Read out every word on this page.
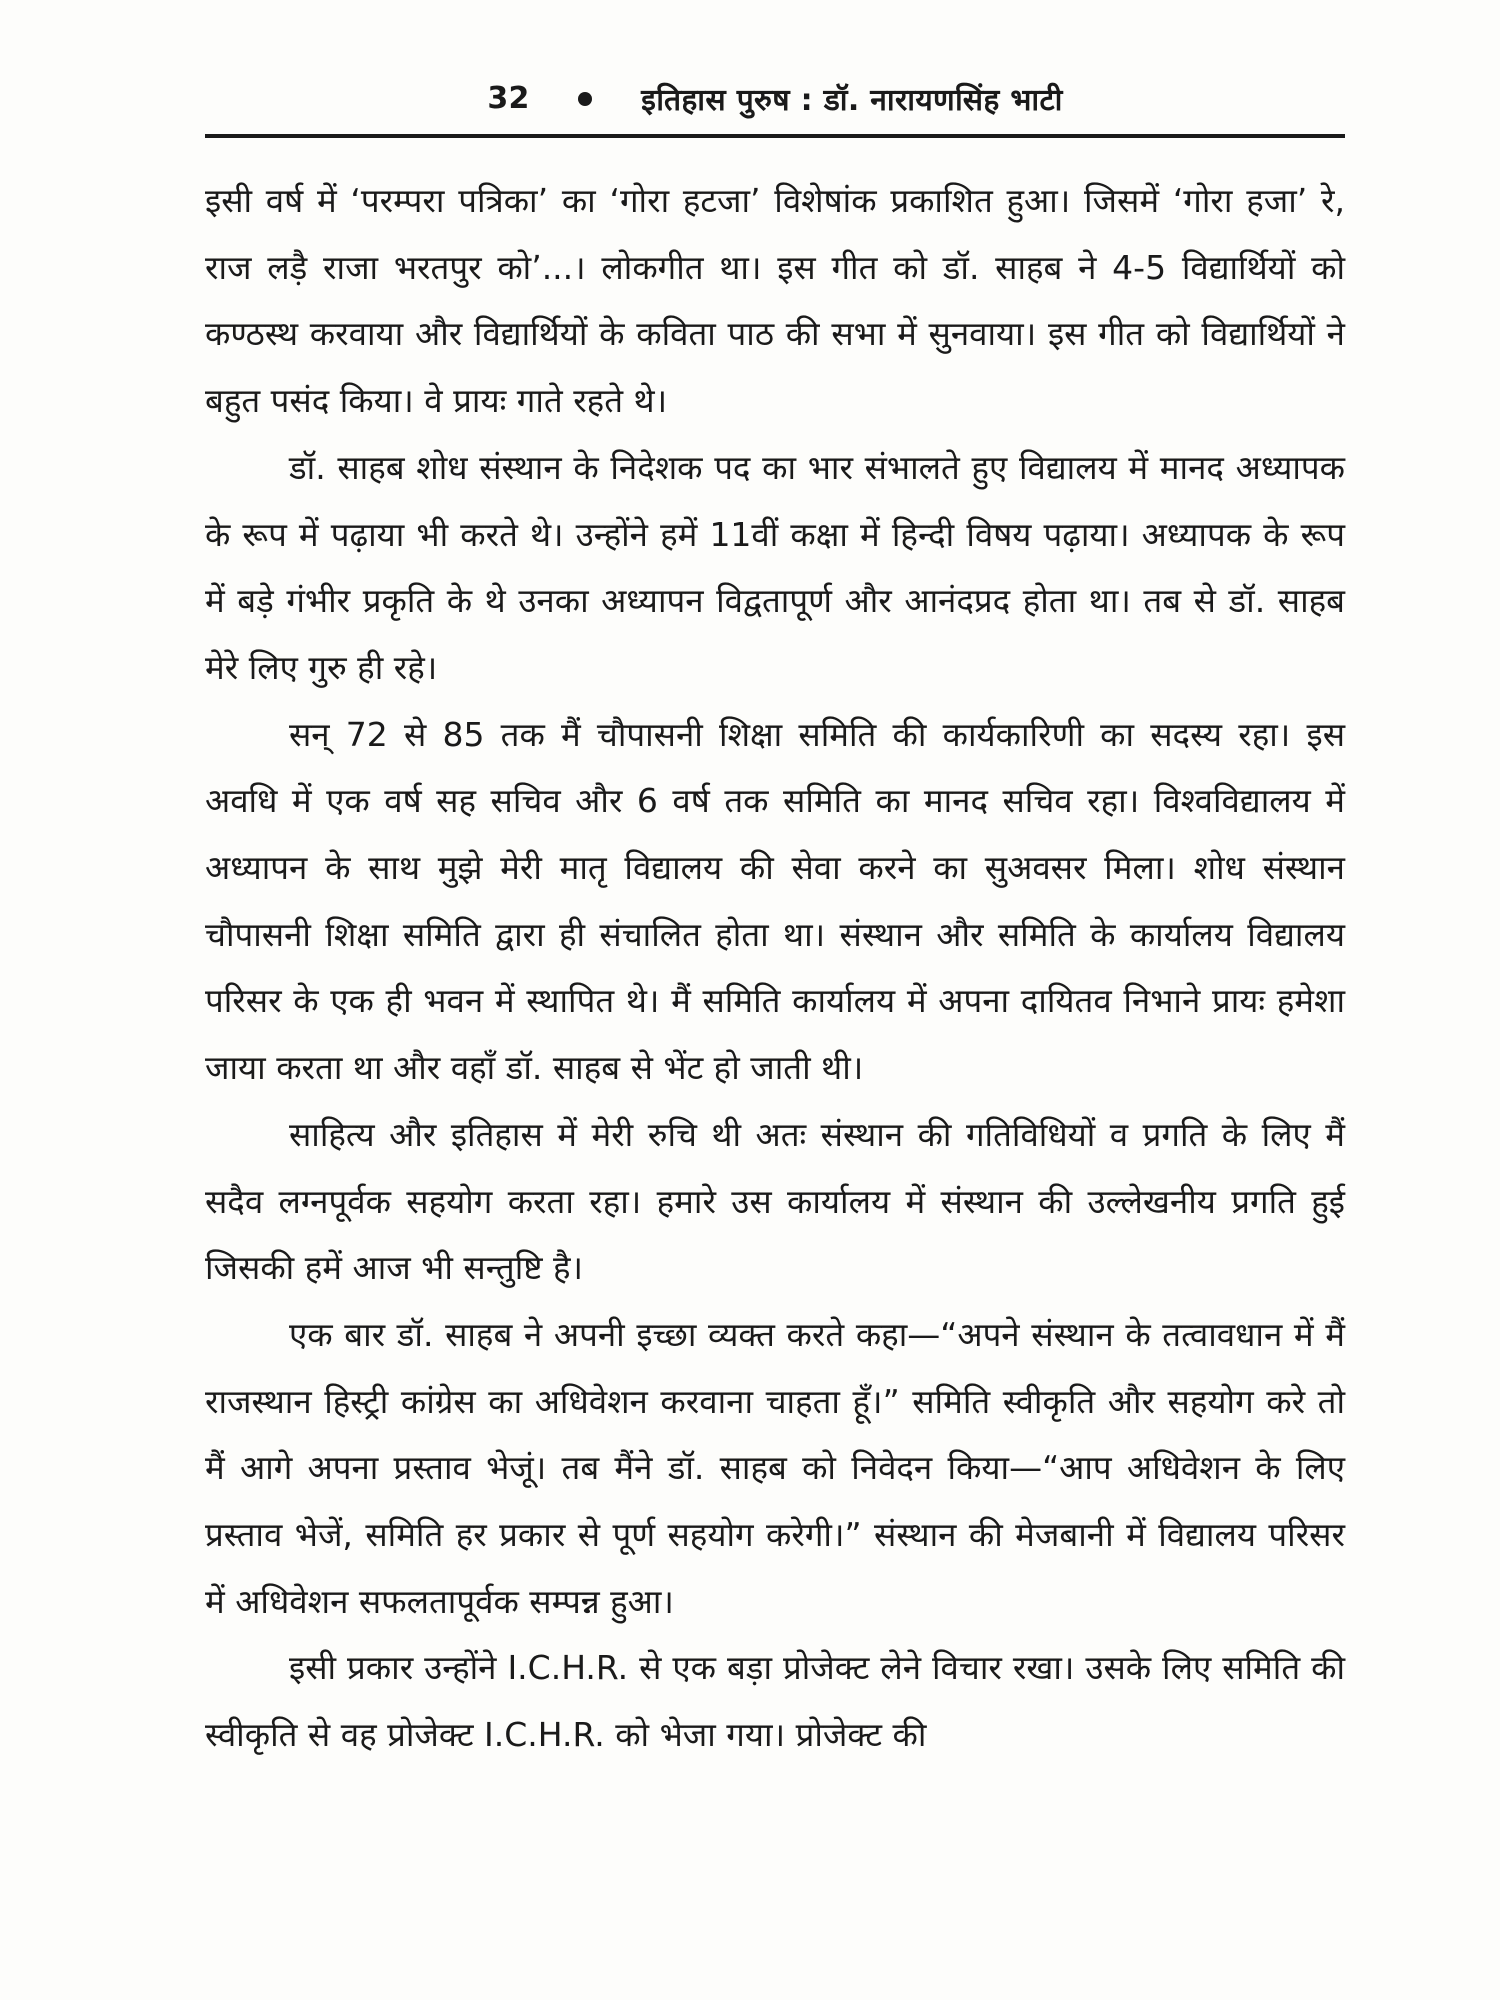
32	इतिहास पुरुष : डॉ. नारायणसिंह भाटी

इसी वर्ष में ‘परम्परा पत्रिका’ का ‘गोरा हटजा’ विशेषांक प्रकाशित हुआ। जिसमें ‘गोरा हजा’ रे, राज लड़ै राजा भरतपुर को’...। लोकगीत था। इस गीत को डॉ. साहब ने 4-5 विद्यार्थियों को कण्ठस्थ करवाया और विद्यार्थियों के कविता पाठ की सभा में सुनवाया। इस गीत को विद्यार्थियों ने बहुत पसंद किया। वे प्रायः गाते रहते थे।

डॉ. साहब शोध संस्थान के निदेशक पद का भार संभालते हुए विद्यालय में मानद अध्यापक के रूप में पढ़ाया भी करते थे। उन्होंने हमें 11वीं कक्षा में हिन्दी विषय पढ़ाया। अध्यापक के रूप में बड़े गंभीर प्रकृति के थे उनका अध्यापन विद्वतापूर्ण और आनंदप्रद होता था। तब से डॉ. साहब मेरे लिए गुरु ही रहे।

सन् 72 से 85 तक मैं चौपासनी शिक्षा समिति की कार्यकारिणी का सदस्य रहा। इस अवधि में एक वर्ष सह सचिव और 6 वर्ष तक समिति का मानद सचिव रहा। विश्वविद्यालय में अध्यापन के साथ मुझे मेरी मातृ विद्यालय की सेवा करने का सुअवसर मिला। शोध संस्थान चौपासनी शिक्षा समिति द्वारा ही संचालित होता था। संस्थान और समिति के कार्यालय विद्यालय परिसर के एक ही भवन में स्थापित थे। मैं समिति कार्यालय में अपना दायितव निभाने प्रायः हमेशा जाया करता था और वहाँ डॉ. साहब से भेंट हो जाती थी।

साहित्य और इतिहास में मेरी रुचि थी अतः संस्थान की गतिविधियों व प्रगति के लिए मैं सदैव लग्नपूर्वक सहयोग करता रहा। हमारे उस कार्यालय में संस्थान की उल्लेखनीय प्रगति हुई जिसकी हमें आज भी सन्तुष्टि है।

एक बार डॉ. साहब ने अपनी इच्छा व्यक्त करते कहा—“अपने संस्थान के तत्वावधान में मैं राजस्थान हिस्ट्री कांग्रेस का अधिवेशन करवाना चाहता हूँ।” समिति स्वीकृति और सहयोग करे तो मैं आगे अपना प्रस्ताव भेजूं। तब मैंने डॉ. साहब को निवेदन किया—“आप अधिवेशन के लिए प्रस्ताव भेजें, समिति हर प्रकार से पूर्ण सहयोग करेगी।” संस्थान की मेजबानी में विद्यालय परिसर में अधिवेशन सफलतापूर्वक सम्पन्न हुआ।

इसी प्रकार उन्होंने I.C.H.R. से एक बड़ा प्रोजेक्ट लेने विचार रखा। उसके लिए समिति की स्वीकृति से वह प्रोजेक्ट I.C.H.R. को भेजा गया। प्रोजेक्ट की
